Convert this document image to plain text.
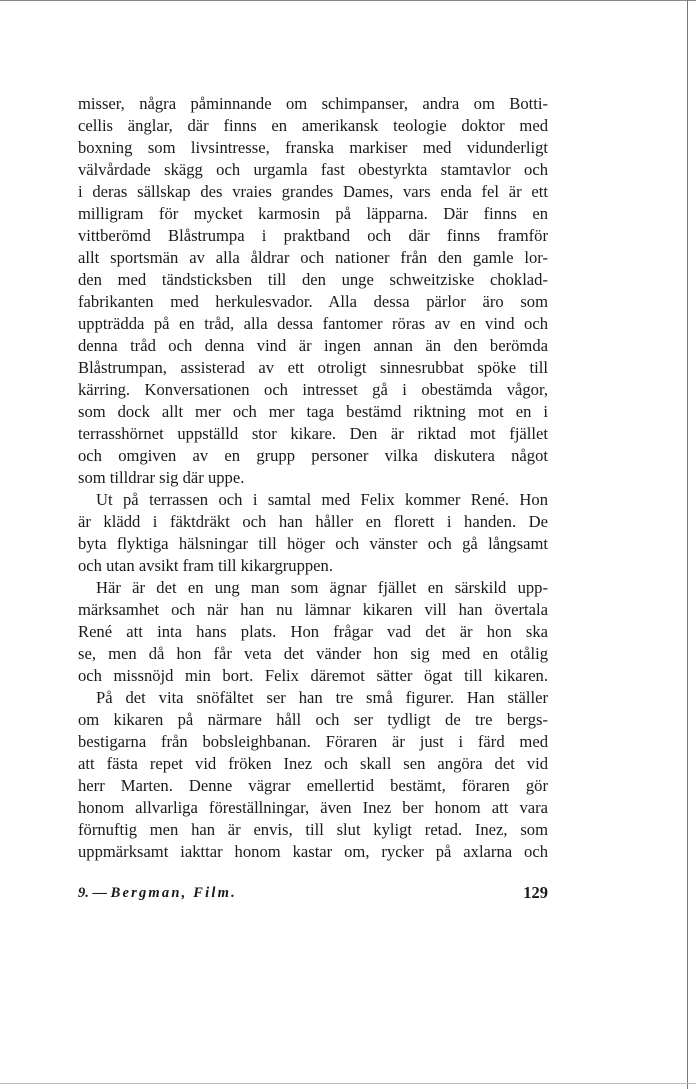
misser, några påminnande om schimpanser, andra om Botti-
cellis änglar, där finns en amerikansk teologie doktor med
boxning som livsintresse, franska markiser med vidunderligt
välvårdade skägg och urgamla fast obestyrkta stamtavlor och
i deras sällskap des vraies grandes Dames, vars enda fel är ett
milligram för mycket karmosin på läpparna. Där finns en
vittberömd Blåstrumpa i praktband och där finns framför
allt sportsmän av alla åldrar och nationer från den gamle lor-
den med tändsticksben till den unge schweitziske choklad-
fabrikanten med herkulesvador. Alla dessa pärlor äro som
uppträdda på en tråd, alla dessa fantomer röras av en vind och
denna tråd och denna vind är ingen annan än den berömda
Blåstrumpan, assisterad av ett otroligt sinnesrubbat spöke till
kärring. Konversationen och intresset gå i obestämda vågor,
som dock allt mer och mer taga bestämd riktning mot en i
terrasshörnet uppställd stor kikare. Den är riktad mot fjället
och omgiven av en grupp personer vilka diskutera något
som tilldrar sig där uppe.
Ut på terrassen och i samtal med Felix kommer René. Hon
är klädd i fäktdräkt och han håller en florett i handen. De
byta flyktiga hälsningar till höger och vänster och gå långsamt
och utan avsikt fram till kikargruppen.
Här är det en ung man som ägnar fjället en särskild upp-
märksamhet och när han nu lämnar kikaren vill han övertala
René att inta hans plats. Hon frågar vad det är hon ska
se, men då hon får veta det vänder hon sig med en otålig
och missnöjd min bort. Felix däremot sätter ögat till kikaren.
På det vita snöfältet ser han tre små figurer. Han ställer
om kikaren på närmare håll och ser tydligt de tre bergs-
bestigarna från bobsleighbanan. Föraren är just i färd med
att fästa repet vid fröken Inez och skall sen angöra det vid
herr Marten. Denne vägrar emellertid bestämt, föraren gör
honom allvarliga föreställningar, även Inez ber honom att vara
förnuftig men han är envis, till slut kyligt retad. Inez, som
uppmärksamt iakttar honom kastar om, rycker på axlarna och
9. — Bergman, Film.	129
